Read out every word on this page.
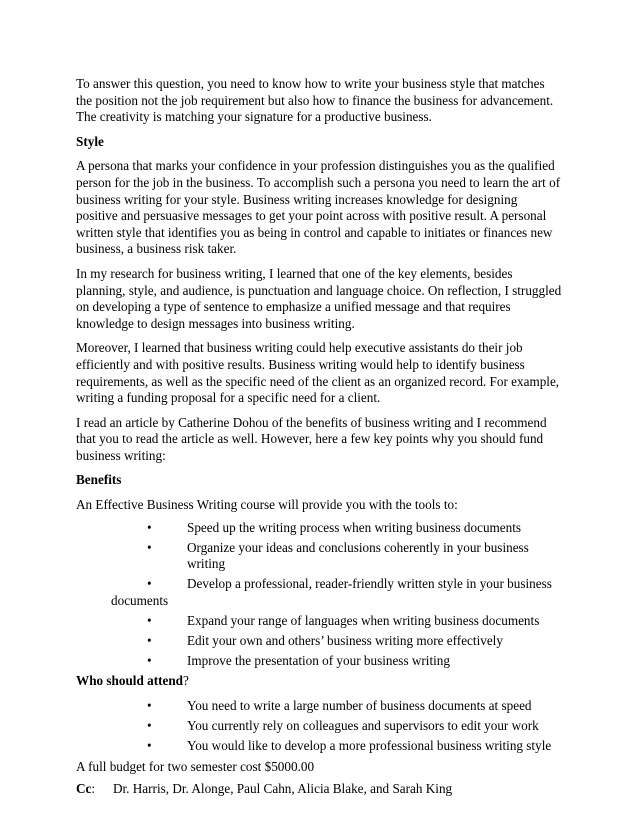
To answer this question, you need to know how to write your business style that matches the position not the job requirement but also how to finance the business for advancement. The creativity is matching your signature for a productive business.

Style

A persona that marks your confidence in your profession distinguishes you as the qualified person for the job in the business. To accomplish such a persona you need to learn the art of business writing for your style. Business writing increases knowledge for designing positive and persuasive messages to get your point across with positive result. A personal written style that identifies you as being in control and capable to initiates or finances new business, a business risk taker.

In my research for business writing, I learned that one of the key elements, besides planning, style, and audience, is punctuation and language choice. On reflection, I struggled on developing a type of sentence to emphasize a unified message and that requires knowledge to design messages into business writing.

Moreover, I learned that business writing could help executive assistants do their job efficiently and with positive results. Business writing would help to identify business requirements, as well as the specific need of the client as an organized record. For example, writing a funding proposal for a specific need for a client.

I read an article by Catherine Dohou of the benefits of business writing and I recommend that you to read the article as well. However, here a few key points why you should fund business writing:

Benefits

An Effective Business Writing course will provide you with the tools to:

•	Speed up the writing process when writing business documents
•	Organize your ideas and conclusions coherently in your business writing
•	Develop a professional, reader-friendly written style in your business
documents
•	Expand your range of languages when writing business documents
•	Edit your own and others’ business writing more effectively
•	Improve the presentation of your business writing

Who should attend?

•	You need to write a large number of business documents at speed
•	You currently rely on colleagues and supervisors to edit your work
•	You would like to develop a more professional business writing style

A full budget for two semester cost $5000.00

Cc: Dr. Harris, Dr. Alonge, Paul Cahn, Alicia Blake, and Sarah King
